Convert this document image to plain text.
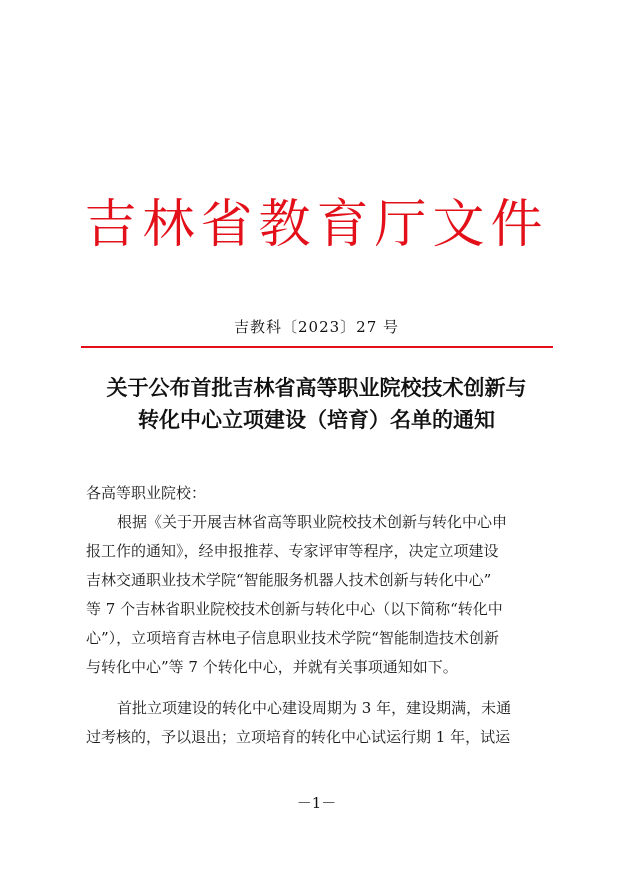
吉林省教育厅文件
吉教科〔2023〕27 号
关于公布首批吉林省高等职业院校技术创新与
转化中心立项建设（培育）名单的通知
各高等职业院校：
根据《关于开展吉林省高等职业院校技术创新与转化中心申
报工作的通知》，经申报推荐、专家评审等程序，决定立项建设
吉林交通职业技术学院“智能服务机器人技术创新与转化中心”
等 7 个吉林省职业院校技术创新与转化中心（以下简称“转化中
心”），立项培育吉林电子信息职业技术学院“智能制造技术创新
与转化中心”等 7 个转化中心，并就有关事项通知如下。
首批立项建设的转化中心建设周期为 3 年，建设期满，未通
过考核的，予以退出；立项培育的转化中心试运行期 1 年，试运
－1－
